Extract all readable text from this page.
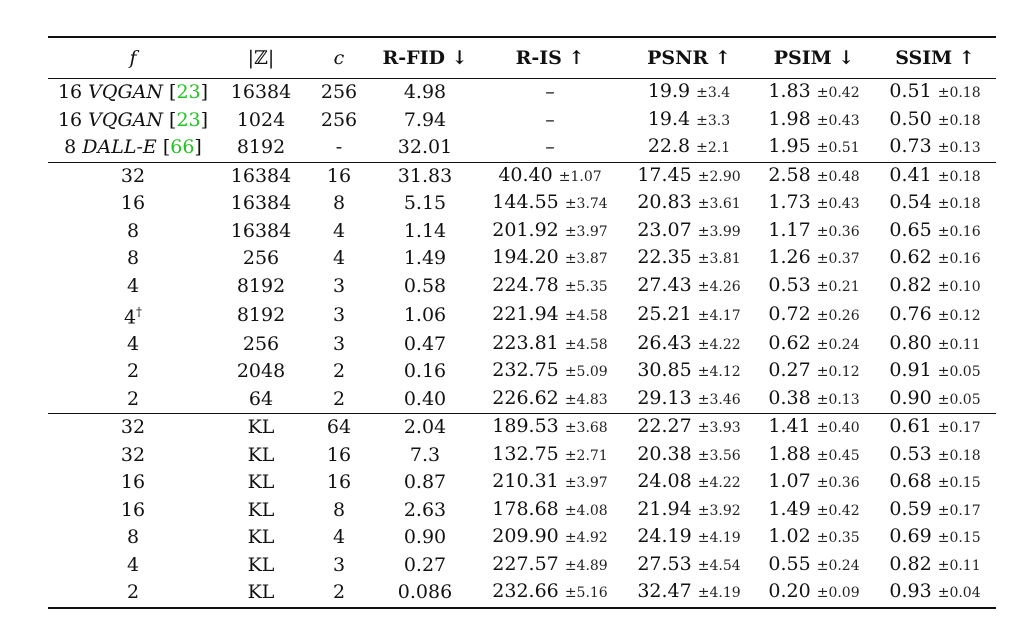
f	|ℤ|	c	R-FID ↓	R-IS ↑	PSNR ↑	PSIM ↓	SSIM ↑
16 VQGAN [23]	16384	256	4.98	–	19.9 ±3.4	1.83 ±0.42	0.51 ±0.18
16 VQGAN [23]	1024	256	7.94	–	19.4 ±3.3	1.98 ±0.43	0.50 ±0.18
8 DALL-E [66]	8192	-	32.01	–	22.8 ±2.1	1.95 ±0.51	0.73 ±0.13
32	16384	16	31.83	40.40 ±1.07	17.45 ±2.90	2.58 ±0.48	0.41 ±0.18
16	16384	8	5.15	144.55 ±3.74	20.83 ±3.61	1.73 ±0.43	0.54 ±0.18
8	16384	4	1.14	201.92 ±3.97	23.07 ±3.99	1.17 ±0.36	0.65 ±0.16
8	256	4	1.49	194.20 ±3.87	22.35 ±3.81	1.26 ±0.37	0.62 ±0.16
4	8192	3	0.58	224.78 ±5.35	27.43 ±4.26	0.53 ±0.21	0.82 ±0.10
4†	8192	3	1.06	221.94 ±4.58	25.21 ±4.17	0.72 ±0.26	0.76 ±0.12
4	256	3	0.47	223.81 ±4.58	26.43 ±4.22	0.62 ±0.24	0.80 ±0.11
2	2048	2	0.16	232.75 ±5.09	30.85 ±4.12	0.27 ±0.12	0.91 ±0.05
2	64	2	0.40	226.62 ±4.83	29.13 ±3.46	0.38 ±0.13	0.90 ±0.05
32	KL	64	2.04	189.53 ±3.68	22.27 ±3.93	1.41 ±0.40	0.61 ±0.17
32	KL	16	7.3	132.75 ±2.71	20.38 ±3.56	1.88 ±0.45	0.53 ±0.18
16	KL	16	0.87	210.31 ±3.97	24.08 ±4.22	1.07 ±0.36	0.68 ±0.15
16	KL	8	2.63	178.68 ±4.08	21.94 ±3.92	1.49 ±0.42	0.59 ±0.17
8	KL	4	0.90	209.90 ±4.92	24.19 ±4.19	1.02 ±0.35	0.69 ±0.15
4	KL	3	0.27	227.57 ±4.89	27.53 ±4.54	0.55 ±0.24	0.82 ±0.11
2	KL	2	0.086	232.66 ±5.16	32.47 ±4.19	0.20 ±0.09	0.93 ±0.04
